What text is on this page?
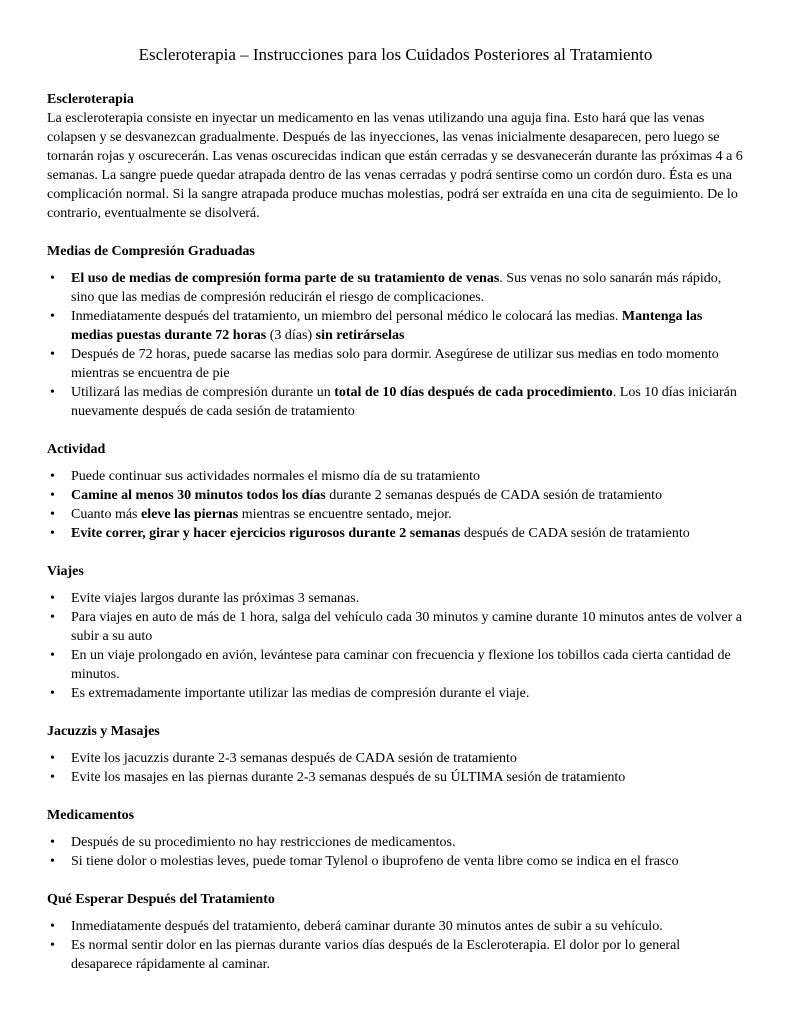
Escleroterapia – Instrucciones para los Cuidados Posteriores al Tratamiento
Escleroterapia

La escleroterapia consiste en inyectar un medicamento en las venas utilizando una aguja fina. Esto hará que las venas colapsen y se desvanezcan gradualmente. Después de las inyecciones, las venas inicialmente desaparecen, pero luego se tornarán rojas y oscurecerán. Las venas oscurecidas indican que están cerradas y se desvanecerán durante las próximas 4 a 6 semanas. La sangre puede quedar atrapada dentro de las venas cerradas y podrá sentirse como un cordón duro. Ésta es una complicación normal. Si la sangre atrapada produce muchas molestias, podrá ser extraída en una cita de seguimiento. De lo contrario, eventualmente se disolverá.

Medias de Compresión Graduadas
• El uso de medias de compresión forma parte de su tratamiento de venas. Sus venas no solo sanarán más rápido, sino que las medias de compresión reducirán el riesgo de complicaciones.
• Inmediatamente después del tratamiento, un miembro del personal médico le colocará las medias. Mantenga las medias puestas durante 72 horas (3 días) sin retirárselas
• Después de 72 horas, puede sacarse las medias solo para dormir. Asegúrese de utilizar sus medias en todo momento mientras se encuentra de pie
• Utilizará las medias de compresión durante un total de 10 días después de cada procedimiento. Los 10 días iniciarán nuevamente después de cada sesión de tratamiento
Actividad
• Puede continuar sus actividades normales el mismo día de su tratamiento
• Camine al menos 30 minutos todos los días durante 2 semanas después de CADA sesión de tratamiento
• Cuanto más eleve las piernas mientras se encuentre sentado, mejor.
• Evite correr, girar y hacer ejercicios rigurosos durante 2 semanas después de CADA sesión de tratamiento
Viajes
• Evite viajes largos durante las próximas 3 semanas.
• Para viajes en auto de más de 1 hora, salga del vehículo cada 30 minutos y camine durante 10 minutos antes de volver a subir a su auto
• En un viaje prolongado en avión, levántese para caminar con frecuencia y flexione los tobillos cada cierta cantidad de minutos.
• Es extremadamente importante utilizar las medias de compresión durante el viaje.
Jacuzzis y Masajes
• Evite los jacuzzis durante 2-3 semanas después de CADA sesión de tratamiento
• Evite los masajes en las piernas durante 2-3 semanas después de su ÚLTIMA sesión de tratamiento
Medicamentos
• Después de su procedimiento no hay restricciones de medicamentos.
• Si tiene dolor o molestias leves, puede tomar Tylenol o ibuprofeno de venta libre como se indica en el frasco
Qué Esperar Después del Tratamiento
• Inmediatamente después del tratamiento, deberá caminar durante 30 minutos antes de subir a su vehículo.
• Es normal sentir dolor en las piernas durante varios días después de la Escleroterapia. El dolor por lo general desaparece rápidamente al caminar.
